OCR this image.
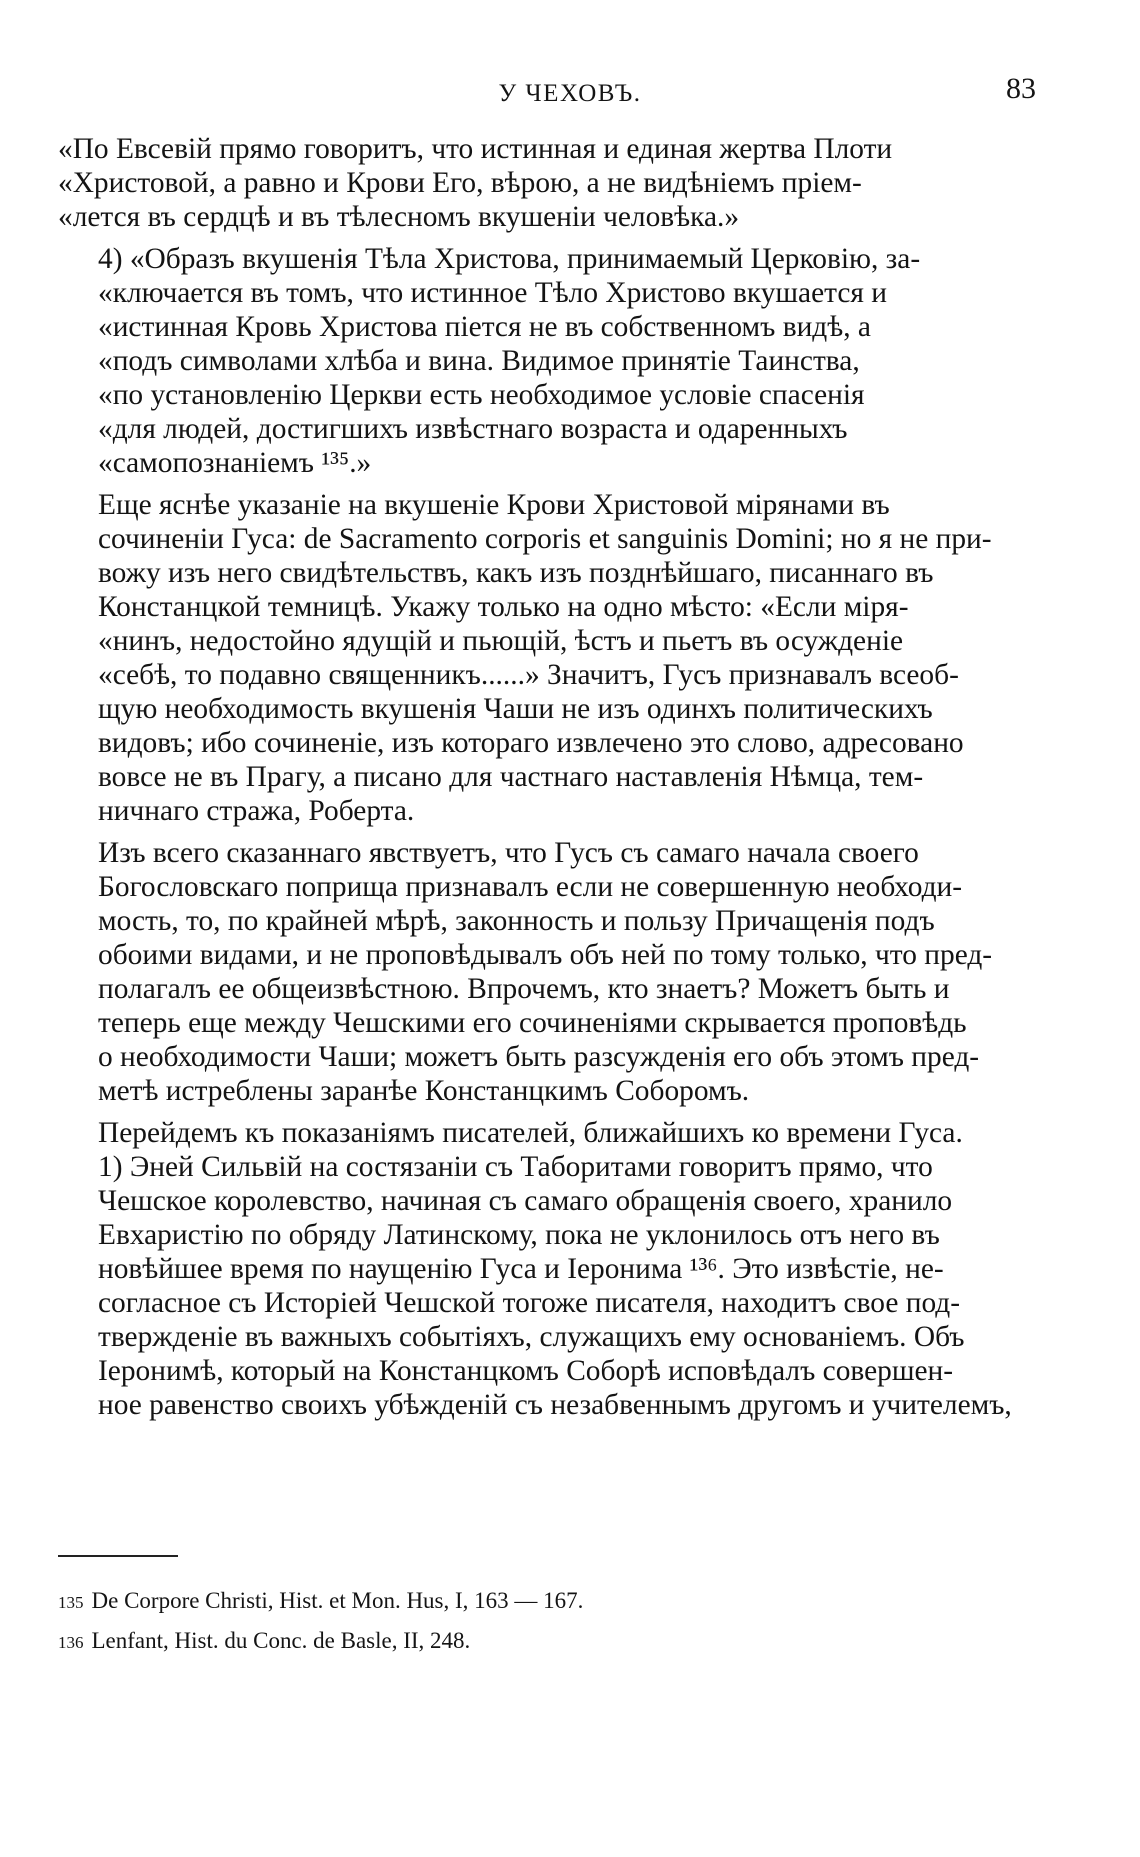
У ЧЕХОВЪ.	83
«По Евсевій прямо говоритъ, что истинная и единая жертва Плоти
«Христовой, а равно и Крови Его, вѣрою, а не видѣніемъ пріем-
«лется въ сердцѣ и въ тѣлесномъ вкушеніи человѣка.»
4) «Образъ вкушенія Тѣла Христова, принимаемый Церковію, за-
«ключается въ томъ, что истинное Тѣло Христово вкушается и
«истинная Кровь Христова піется не въ собственномъ видѣ, а
«подъ символами хлѣба и вина. Видимое принятіе Таинства,
«по установленію Церкви есть необходимое условіе спасенія
«для людей, достигшихъ извѣстнаго возраста и одаренныхъ
«самопознаніемъ ¹³⁵.»
Еще яснѣе указаніе на вкушеніе Крови Христовой мірянами въ
сочиненіи Гуса: de Sacramento corporis et sanguinis Domini; но я не при-
вожу изъ него свидѣтельствъ, какъ изъ позднѣйшаго, писаннаго въ
Констанцкой темницѣ. Укажу только на одно мѣсто: «Если міря-
«нинъ, недостойно ядущій и пьющій, ѣстъ и пьетъ въ осужденіе
«себѣ, то подавно священникъ......» Значитъ, Гусъ признавалъ всеоб-
щую необходимость вкушенія Чаши не изъ одинхъ политическихъ
видовъ; ибо сочиненіе, изъ котораго извлечено это слово, адресовано
вовсе не въ Прагу, а писано для частнаго наставленія Нѣмца, тем-
ничнаго стража, Роберта.
Изъ всего сказаннаго явствуетъ, что Гусъ съ самаго начала своего
Богословскаго поприща признавалъ если не совершенную необходи-
мость, то, по крайней мѣрѣ, законность и пользу Причащенія подъ
обоими видами, и не проповѣдывалъ объ ней по тому только, что пред-
полагалъ ее общеизвѣстною. Впрочемъ, кто знаетъ? Можетъ быть и
теперь еще между Чешскими его сочиненіями скрывается проповѣдь
о необходимости Чаши; можетъ быть разсужденія его объ этомъ пред-
метѣ истреблены заранѣе Констанцкимъ Соборомъ.
Перейдемъ къ показаніямъ писателей, ближайшихъ ко времени Гуса.
1) Эней Сильвій на состязаніи съ Таборитами говоритъ прямо, что
Чешское королевство, начиная съ самаго обращенія своего, хранило
Евхаристію по обряду Латинскому, пока не уклонилось отъ него въ
новѣйшее время по наущенію Гуса и Іеронима ¹³⁶. Это извѣстіе, не-
согласное съ Исторіей Чешской тогоже писателя, находитъ свое под-
твержденіе въ важныхъ событіяхъ, служащихъ ему основаніемъ. Объ
Іеронимѣ, который на Констанцкомъ Соборѣ исповѣдалъ совершен-
ное равенство своихъ убѣжденій съ незабвеннымъ другомъ и учителемъ,
135 De Corpore Christi, Hist. et Mon. Hus, I, 163 — 167.
136 Lenfant, Hist. du Conc. de Basle, II, 248.
